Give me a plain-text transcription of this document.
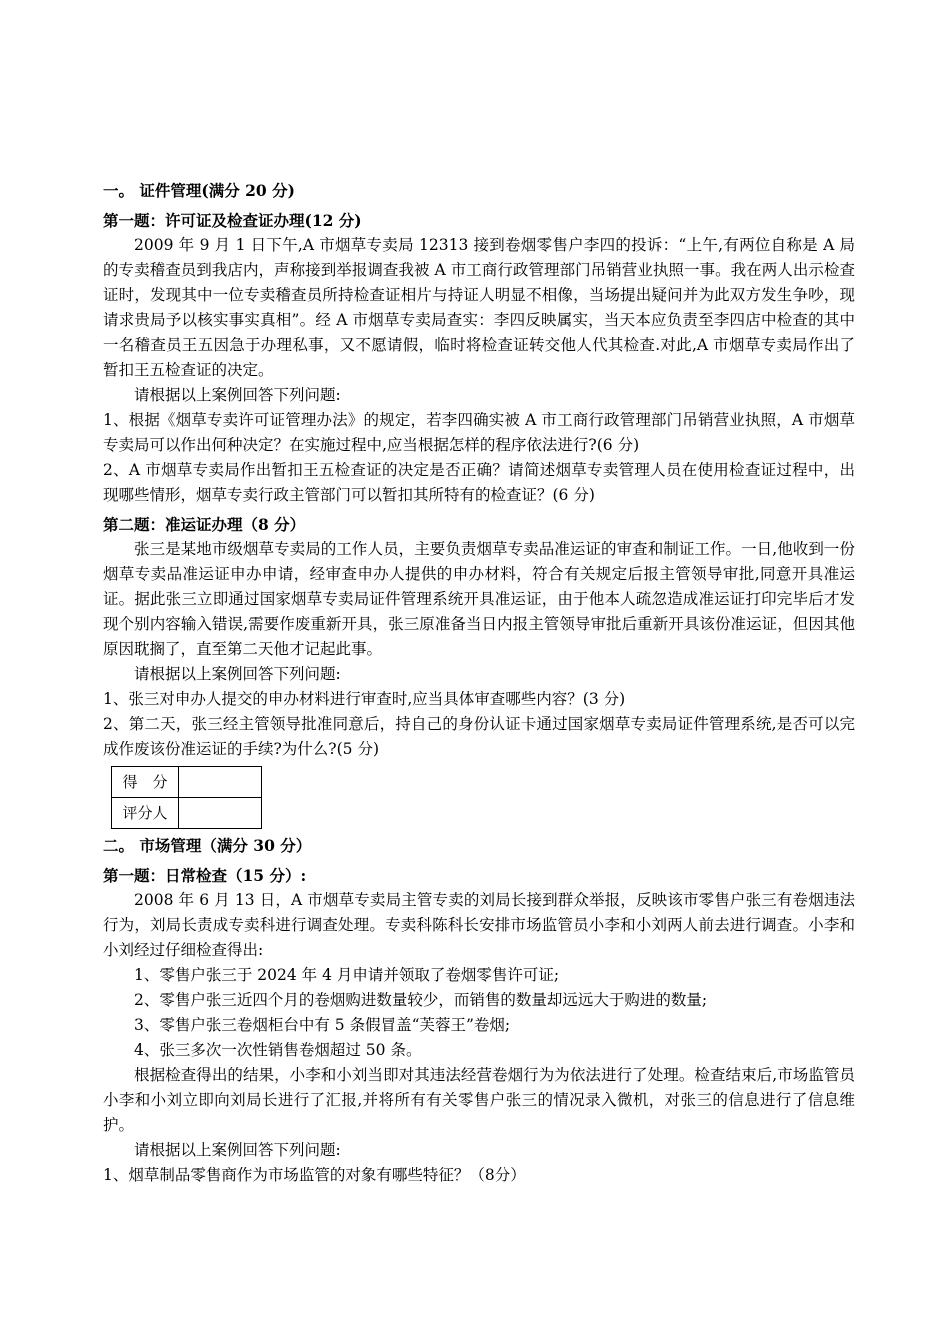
一。 证件管理(满分 20 分)
第一题：许可证及检查证办理(12 分)

2009 年 9 月 1 日下午,A 市烟草专卖局 12313 接到卷烟零售户李四的投诉：“上午,有两位自称是 A 局的专卖稽查员到我店内，声称接到举报调查我被 A 市工商行政管理部门吊销营业执照一事。我在两人出示检查证时，发现其中一位专卖稽查员所持检查证相片与持证人明显不相像，当场提出疑问并为此双方发生争吵，现请求贵局予以核实事实真相”。经 A 市烟草专卖局查实：李四反映属实，当天本应负责至李四店中检查的其中一名稽查员王五因急于办理私事，又不愿请假，临时将检查证转交他人代其检查.对此,A 市烟草专卖局作出了暂扣王五检查证的决定。

请根据以上案例回答下列问题:

1、根据《烟草专卖许可证管理办法》的规定，若李四确实被 A 市工商行政管理部门吊销营业执照，A 市烟草专卖局可以作出何种决定？在实施过程中,应当根据怎样的程序依法进行?(6 分)

2、A 市烟草专卖局作出暂扣王五检查证的决定是否正确？请简述烟草专卖管理人员在使用检查证过程中，出现哪些情形，烟草专卖行政主管部门可以暂扣其所特有的检查证？(6 分)

第二题：准运证办理（8 分）

张三是某地市级烟草专卖局的工作人员，主要负责烟草专卖品准运证的审查和制证工作。一日,他收到一份烟草专卖品准运证申办申请，经审查申办人提供的申办材料，符合有关规定后报主管领导审批,同意开具准运证。据此张三立即通过国家烟草专卖局证件管理系统开具准运证，由于他本人疏忽造成准运证打印完毕后才发现个别内容输入错误,需要作废重新开具，张三原准备当日内报主管领导审批后重新开具该份准运证，但因其他原因耽搁了，直至第二天他才记起此事。

请根据以上案例回答下列问题:

1、张三对申办人提交的申办材料进行审查时,应当具体审查哪些内容？(3 分)

2、第二天，张三经主管领导批准同意后，持自己的身份认证卡通过国家烟草专卖局证件管理系统,是否可以完成作废该份准运证的手续?为什么?(5 分)

得　分	
评分人	
二。 市场管理（满分 30 分）
第一题：日常检查（15 分）:

2008 年 6 月 13 日，A 市烟草专卖局主管专卖的刘局长接到群众举报，反映该市零售户张三有卷烟违法行为，刘局长责成专卖科进行调查处理。专卖科陈科长安排市场监管员小李和小刘两人前去进行调查。小李和小刘经过仔细检查得出:

1、零售户张三于 2024 年 4 月申请并领取了卷烟零售许可证;

2、零售户张三近四个月的卷烟购进数量较少，而销售的数量却远远大于购进的数量;

3、零售户张三卷烟柜台中有 5 条假冒盖“芙蓉王”卷烟;

4、张三多次一次性销售卷烟超过 50 条。

根据检查得出的结果，小李和小刘当即对其违法经营卷烟行为为依法进行了处理。检查结束后,市场监管员小李和小刘立即向刘局长进行了汇报,并将所有有关零售户张三的情况录入微机，对张三的信息进行了信息维护。

请根据以上案例回答下列问题:

1、烟草制品零售商作为市场监管的对象有哪些特征？（8分）
